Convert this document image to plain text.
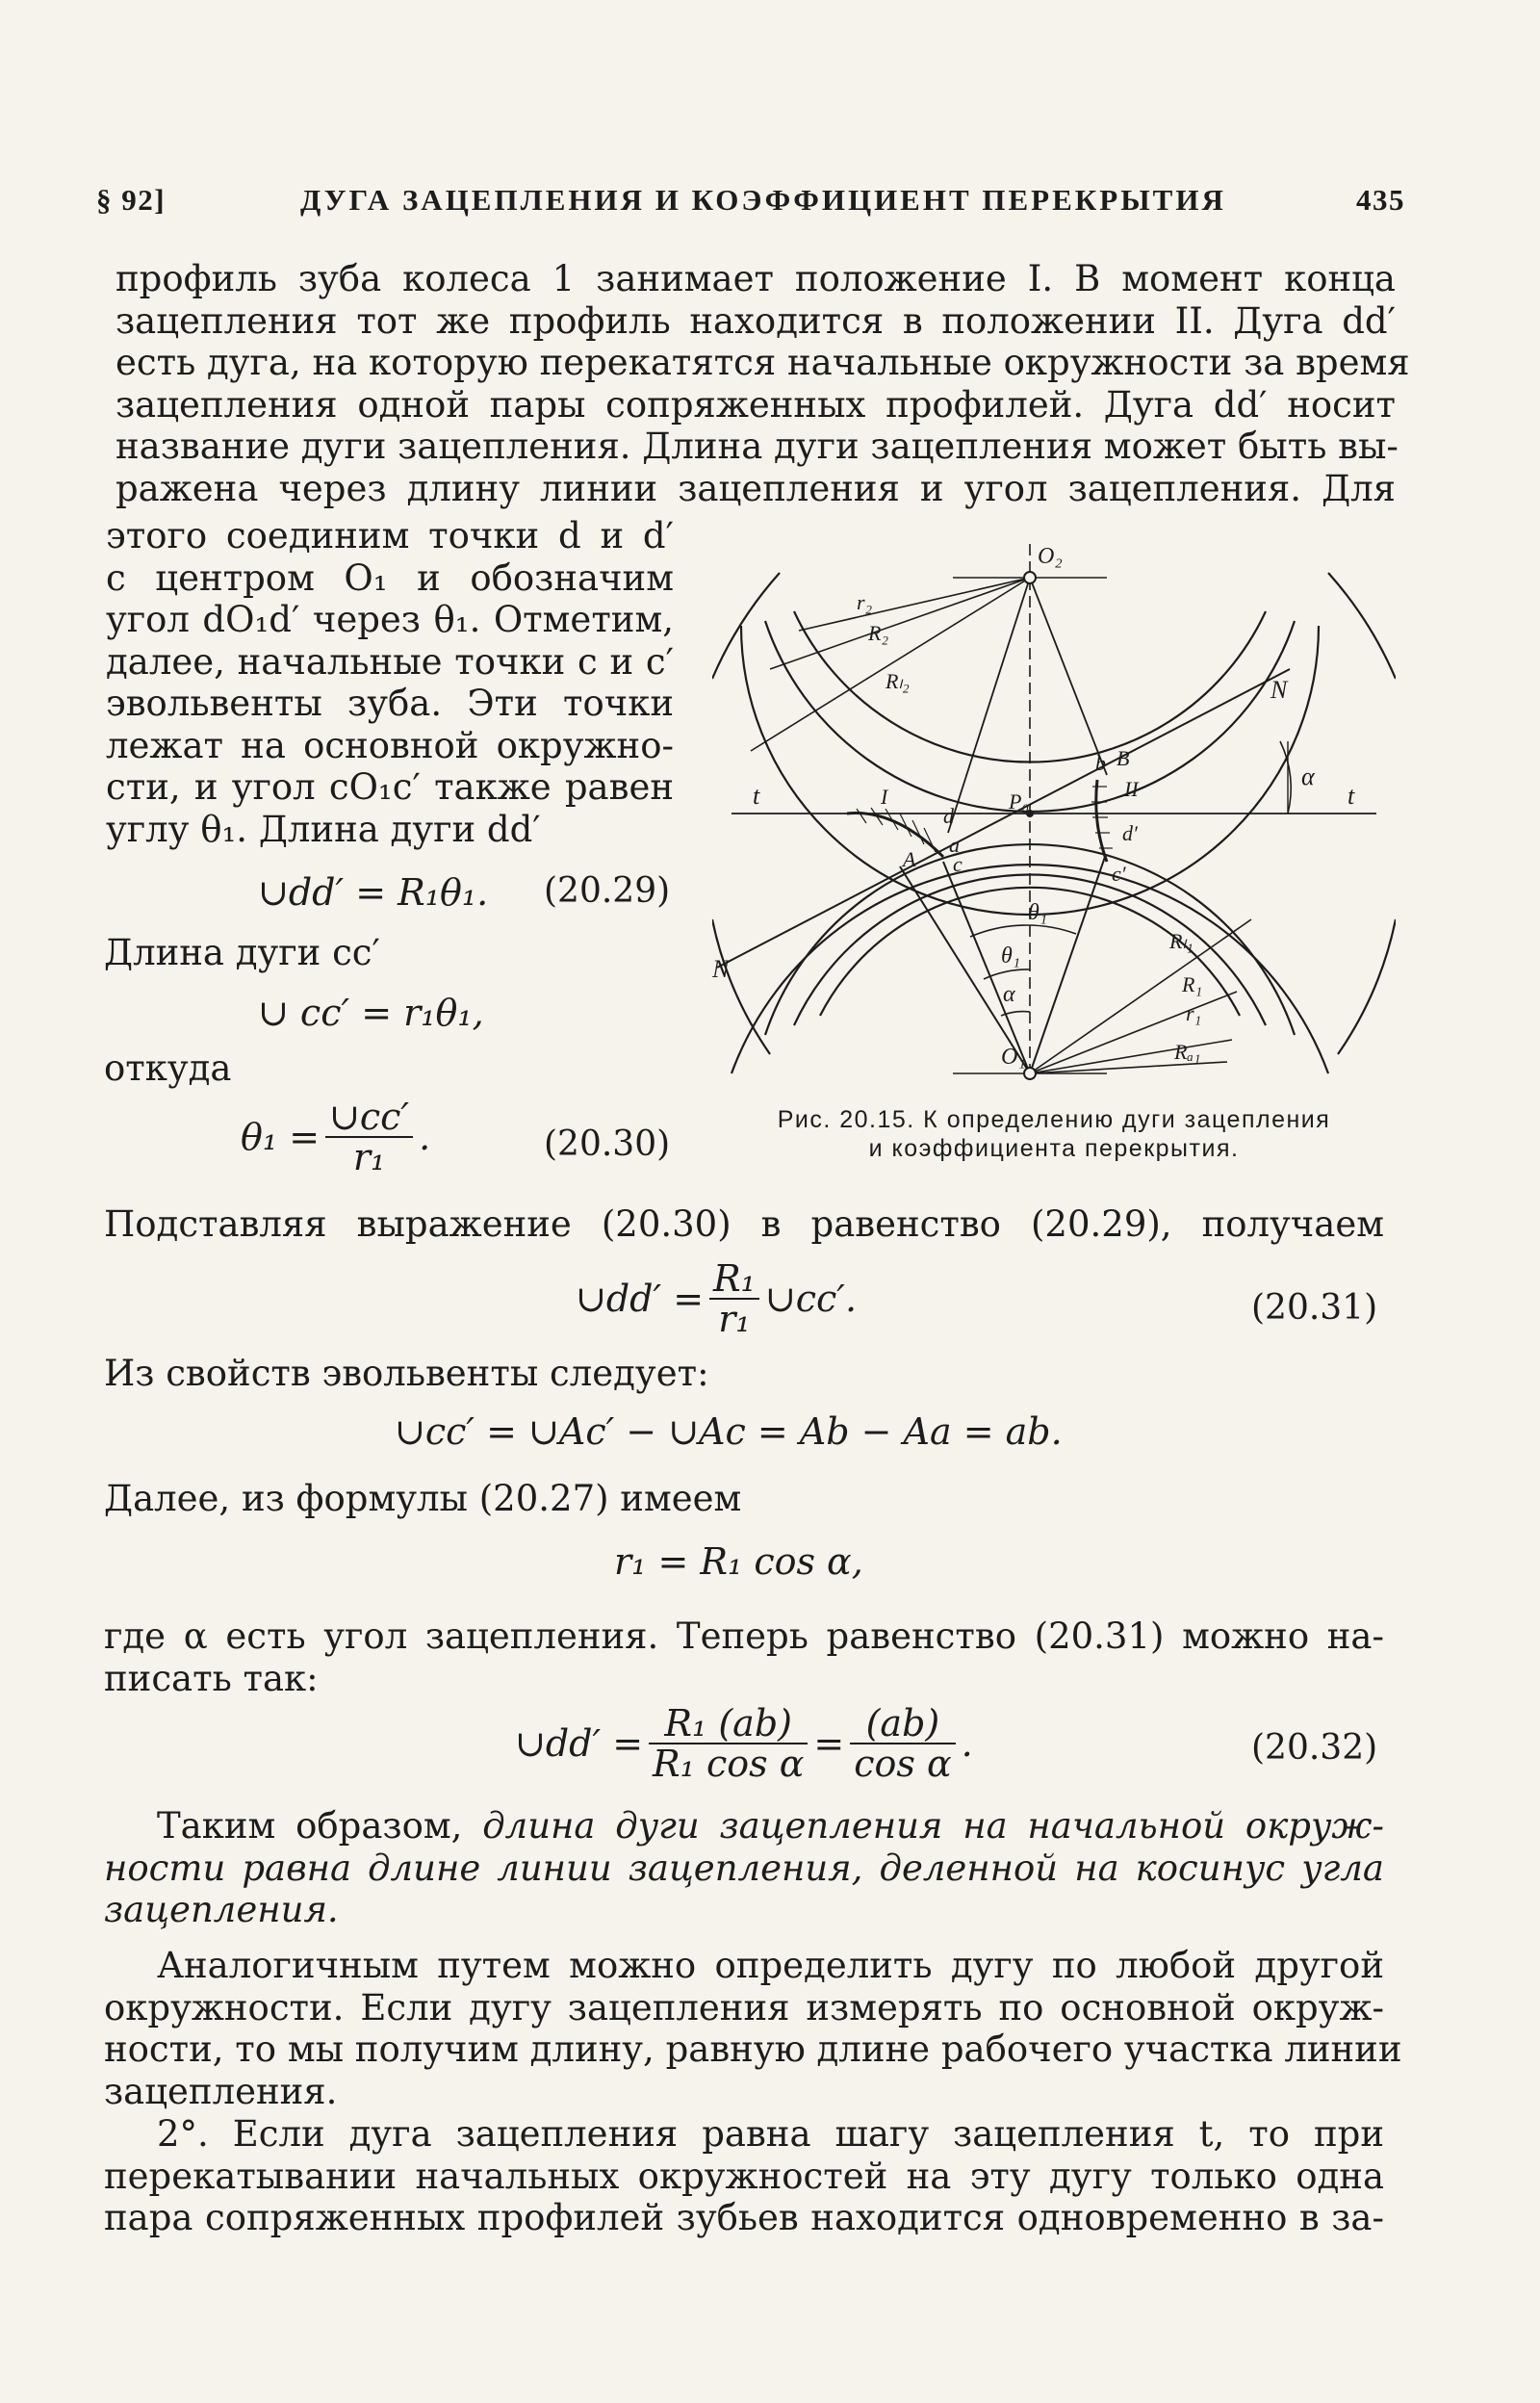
§ 92]	ДУГА ЗАЦЕПЛЕНИЯ И КОЭФФИЦИЕНТ ПЕРЕКРЫТИЯ	435
профиль зуба колеса 1 занимает положение I. В момент конца
зацепления тот же профиль находится в положении II. Дуга dd′
есть дуга, на которую перекатятся начальные окружности за время
зацепления одной пары сопряженных профилей. Дуга dd′ носит
название дуги зацепления. Длина дуги зацепления может быть вы-
ражена через длину линии зацепления и угол зацепления. Для
этого соединим точки d и d′
с центром O₁ и обозначим
угол dO₁d′ через θ₁. Отметим,
далее, начальные точки c и c′
эвольвенты зуба. Эти точки
лежат на основной окружно-
сти, и угол cO₁c′ также равен
углу θ₁. Длина дуги dd′
∪dd′ = R₁θ₁. (20.29)
Длина дуги cc′
∪ cc′ = r₁θ₁,
откуда
$\theta_1 = \frac{\cup cc'}{\text{r₁}}$ .	(20.30)
O₂
O₁
N
N
t	t
α
r₂
R₂
Rₗ₂
Rₗ₁
R₁
r₁
Rₐ₁
θ₁
θ₁
α
P₀
b B
d
d′
a
A c	c′
I	II
Рис. 20.15. К определению дуги зацепления
и коэффициента перекрытия.
Подставляя выражение (20.30) в равенство (20.29), получаем
∪dd′ = $\frac{\text{R₁}}{\text{r₁}}$ ∪cc′.	(20.31)
Из свойств эвольвенты следует:
∪cc′ = ∪Ac′ − ∪Ac = Ab − Aa = ab.
Далее, из формулы (20.27) имеем
r₁ = R₁ cos α,
где α есть угол зацепления. Теперь равенство (20.31) можно на-
писать так:
∪dd′ = $\frac{\text{R₁ (ab)}}{\text{R₁ cos α}} = \frac{(ab)}{\text{cos α}}$ .	(20.32)
Таким образом, длина дуги зацепления на начальной окруж-
ности равна длине линии зацепления, деленной на косинус угла
зацепления.
Аналогичным путем можно определить дугу по любой другой
окружности. Если дугу зацепления измерять по основной окруж-
ности, то мы получим длину, равную длине рабочего участка линии
зацепления.
2°. Если дуга зацепления равна шагу зацепления t, то при
перекатывании начальных окружностей на эту дугу только одна
пара сопряженных профилей зубьев находится одновременно в за-
